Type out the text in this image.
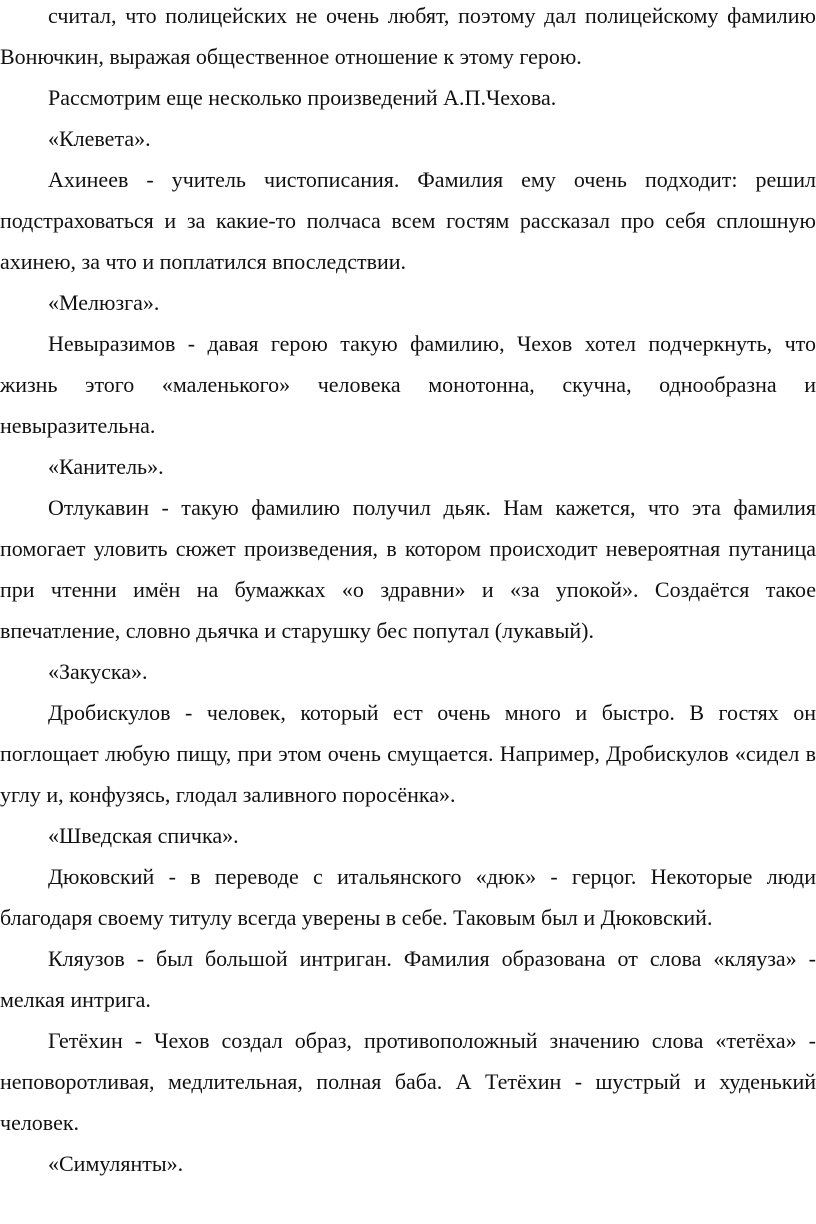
считал, что полицейских не очень любят, поэтому дал полицейскому фамилию Вонючкин, выражая общественное отношение к этому герою.

Рассмотрим еще несколько произведений А.П.Чехова.

«Клевета».

Ахинеев - учитель чистописания. Фамилия ему очень подходит: решил подстраховаться и за какие-то полчаса всем гостям рассказал про себя сплошную ахинею, за что и поплатился впоследствии.

«Мелюзга».

Невыразимов - давая герою такую фамилию, Чехов хотел подчеркнуть, что жизнь этого «маленького» человека монотонна, скучна, однообразна и невыразительна.

«Канитель».

Отлукавин - такую фамилию получил дьяк. Нам кажется, что эта фамилия помогает уловить сюжет произведения, в котором происходит невероятная путаница при чтенни имён на бумажках «о здравни» и «за упокой». Создаётся такое впечатление, словно дьячка и старушку бес попутал (лукавый).

«Закуска».

Дробискулов - человек, который ест очень много и быстро. В гостях он поглощает любую пищу, при этом очень смущается. Например, Дробискулов «сидел в углу и, конфузясь, глодал заливного поросёнка».

«Шведская спичка».

Дюковский - в переводе с итальянского «дюк» - герцог. Некоторые люди благодаря своему титулу всегда уверены в себе. Таковым был и Дюковский.

Кляузов - был большой интриган. Фамилия образована от слова «кляуза» - мелкая интрига.

Гетёхин - Чехов создал образ, противоположный значению слова «тетёха» - неповоротливая, медлительная, полная баба. А Тетёхин - шустрый и худенький человек.

«Симулянты».
